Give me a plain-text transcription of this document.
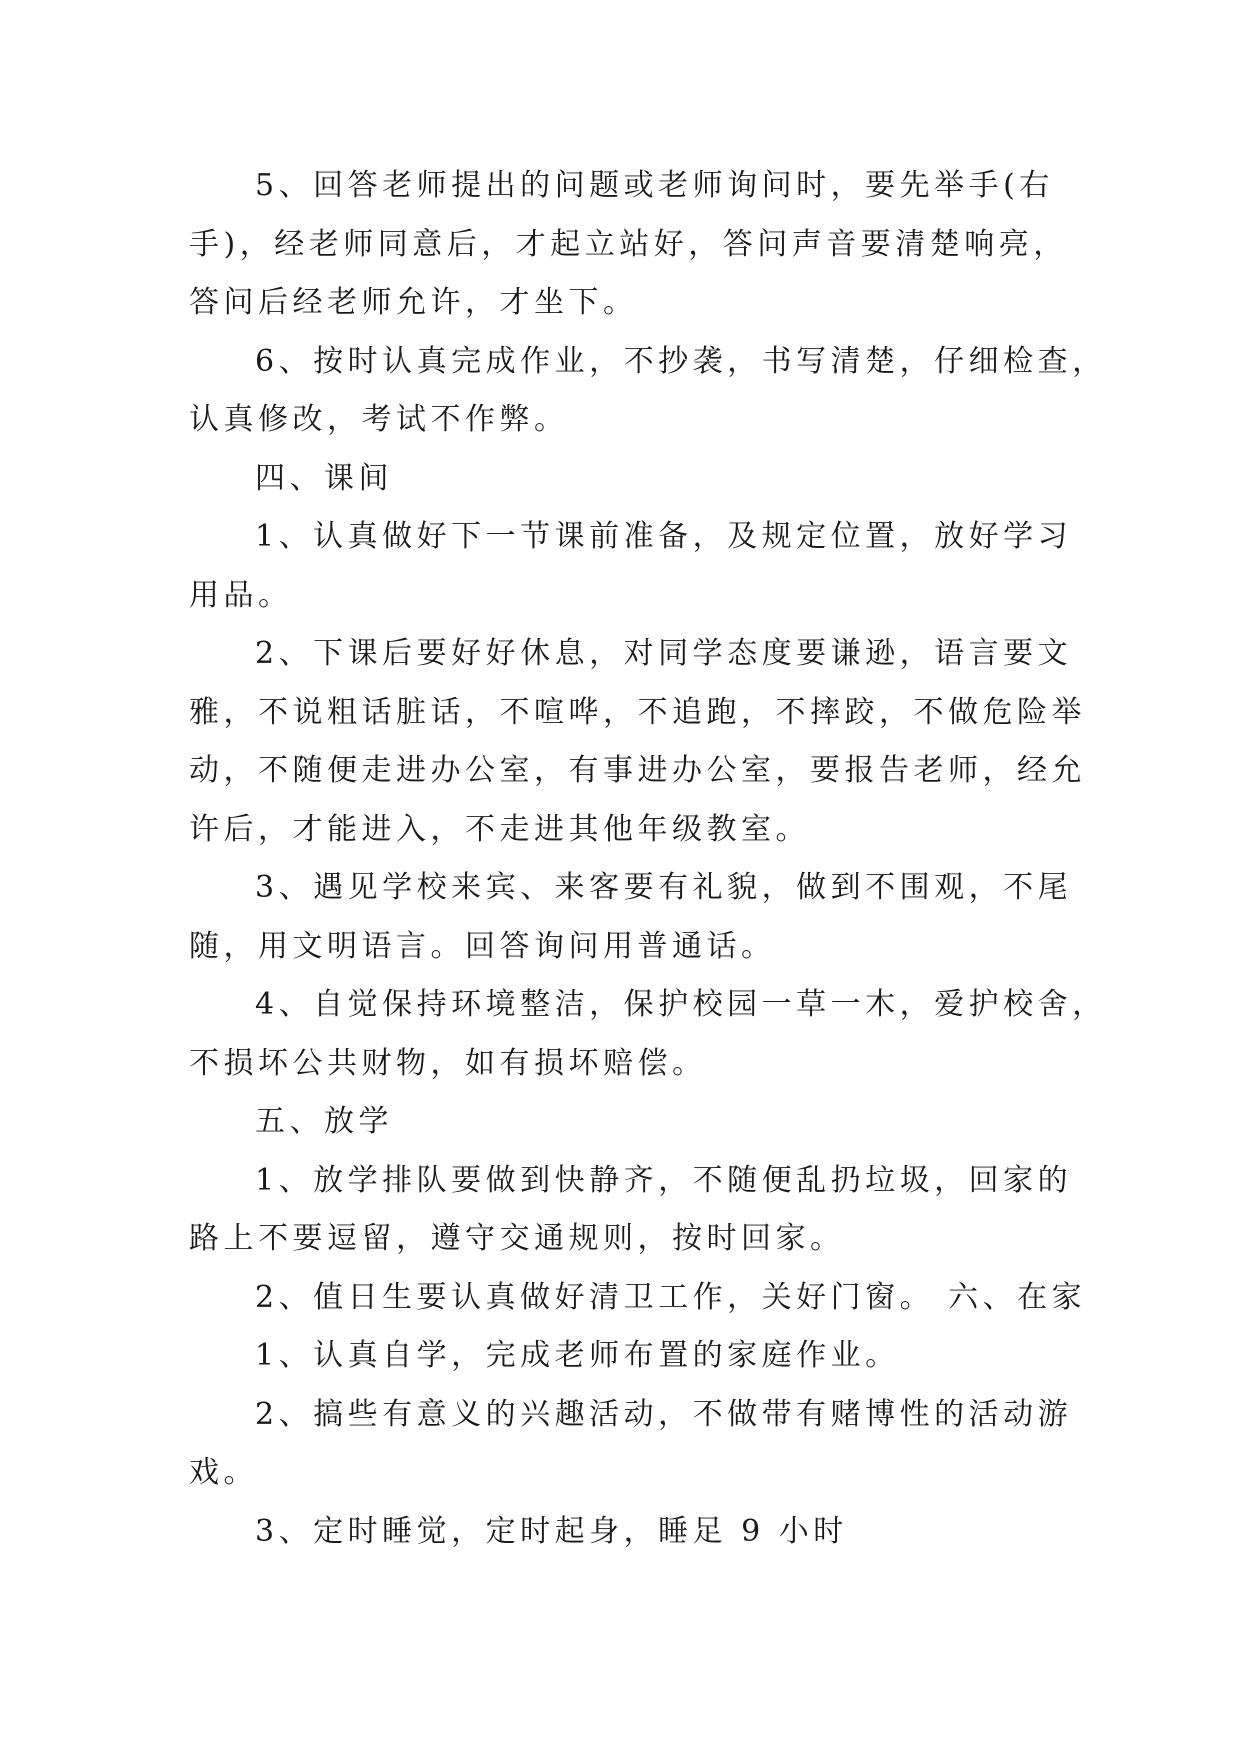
5、回答老师提出的问题或老师询问时，要先举手(右
手)，经老师同意后，才起立站好，答问声音要清楚响亮，
答问后经老师允许，才坐下。
6、按时认真完成作业，不抄袭，书写清楚，仔细检查，
认真修改，考试不作弊。
四、课间
1、认真做好下一节课前准备，及规定位置，放好学习
用品。
2、下课后要好好休息，对同学态度要谦逊，语言要文
雅，不说粗话脏话，不喧哗，不追跑，不摔跤，不做危险举
动，不随便走进办公室，有事进办公室，要报告老师，经允
许后，才能进入，不走进其他年级教室。
3、遇见学校来宾、来客要有礼貌，做到不围观，不尾
随，用文明语言。回答询问用普通话。
4、自觉保持环境整洁，保护校园一草一木，爱护校舍，
不损坏公共财物，如有损坏赔偿。
五、放学
1、放学排队要做到快静齐，不随便乱扔垃圾，回家的
路上不要逗留，遵守交通规则，按时回家。
2、值日生要认真做好清卫工作，关好门窗。 六、在家
1、认真自学，完成老师布置的家庭作业。
2、搞些有意义的兴趣活动，不做带有赌博性的活动游
戏。
3、定时睡觉，定时起身，睡足 9 小时
